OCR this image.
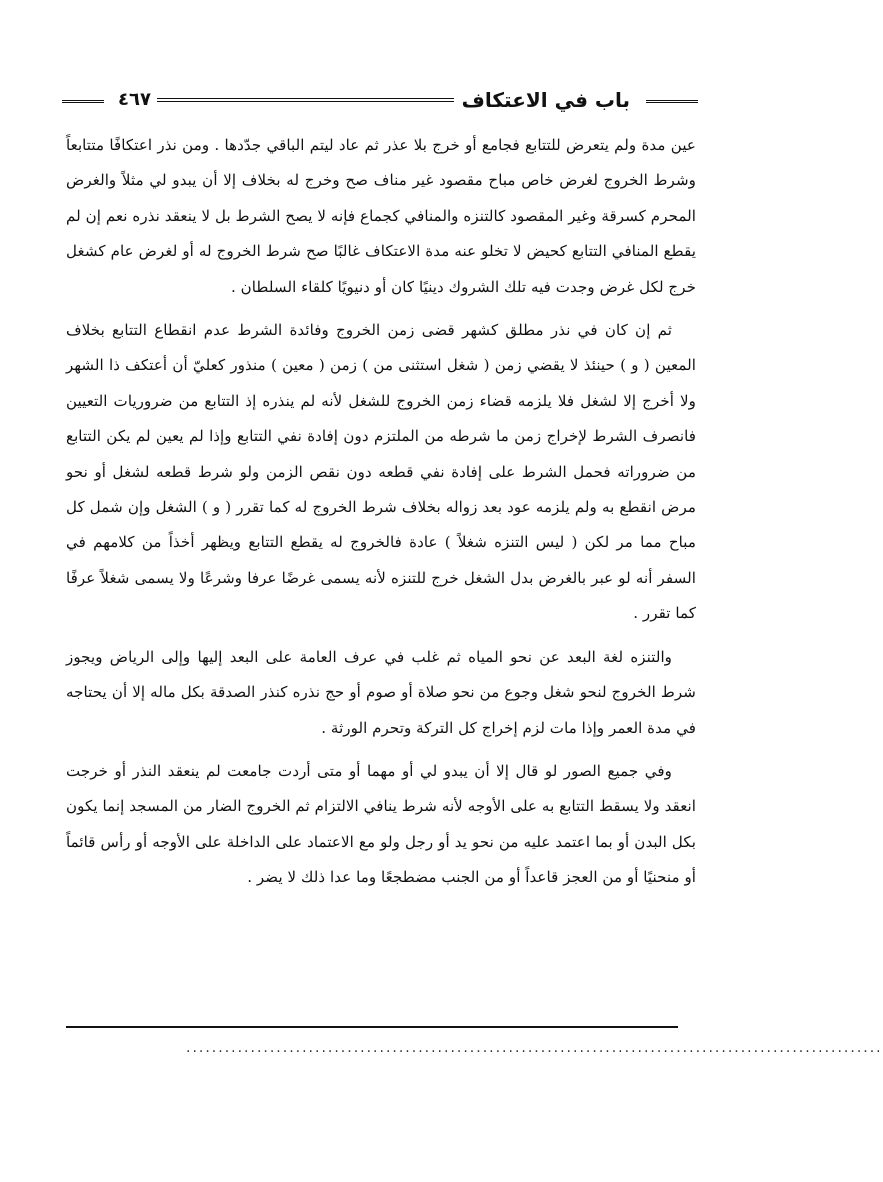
باب في الاعتكاف
٤٦٧

عين مدة ولم يتعرض للتتابع فجامع أو خرج بلا عذر ثم عاد ليتم الباقي جدّدها . ومن نذر اعتكافًا متتابعاً وشرط الخروج لغرض خاص مباح مقصود غير مناف صح وخرج له بخلاف إلا أن يبدو لي مثلاً والغرض المحرم كسرقة وغير المقصود كالتنزه والمنافي كجماع فإنه لا يصح الشرط بل لا ينعقد نذره نعم إن لم يقطع المنافي التتابع كحيض لا تخلو عنه مدة الاعتكاف غالبًا صح شرط الخروج له أو لغرض عام كشغل خرج لكل غرض وجدت فيه تلك الشروك دينيًا كان أو دنيويًا كلقاء السلطان .

ثم إن كان في نذر مطلق كشهر قضى زمن الخروج وفائدة الشرط عدم انقطاع التتابع بخلاف المعين ( و ) حينئذ لا يقضي زمن ( شغل استثنى من ) زمن ( معين ) منذور كعليّ أن أعتكف ذا الشهر ولا أخرج إلا لشغل فلا يلزمه قضاء زمن الخروج للشغل لأنه لم ينذره إذ التتابع من ضروريات التعيين فانصرف الشرط لإخراج زمن ما شرطه من الملتزم دون إفادة نفي التتابع وإذا لم يعين لم يكن التتابع من ضروراته فحمل الشرط على إفادة نفي قطعه دون نقص الزمن ولو شرط قطعه لشغل أو نحو مرض انقطع به ولم يلزمه عود بعد زواله بخلاف شرط الخروج له كما تقرر ( و ) الشغل وإن شمل كل مباح مما مر لكن ( ليس التنزه شغلاً ) عادة فالخروج له يقطع التتابع ويظهر أخذاً من كلامهم في السفر أنه لو عبر بالغرض بدل الشغل خرج للتنزه لأنه يسمى غرضًا عرفا وشرعًا ولا يسمى شغلاً عرفًا كما تقرر .

والتنزه لغة البعد عن نحو المياه ثم غلب في عرف العامة على البعد إليها وإلى الرياض ويجوز شرط الخروج لنحو شغل وجوع من نحو صلاة أو صوم أو حج نذره كنذر الصدقة بكل ماله إلا أن يحتاجه في مدة العمر وإذا مات لزم إخراج كل التركة وتحرم الورثة .

وفي جميع الصور لو قال إلا أن يبدو لي أو مهما أو متى أردت جامعت لم ينعقد النذر أو خرجت انعقد ولا يسقط التتابع به على الأوجه لأنه شرط ينافي الالتزام ثم الخروج الضار من المسجد إنما يكون بكل البدن أو بما اعتمد عليه من نحو يد أو رجل ولو مع الاعتماد على الداخلة على الأوجه أو رأس قائماً أو منحنيًا أو من العجز قاعداً أو من الجنب مضطجعًا وما عدا ذلك لا يضر .

............................................................................................................
